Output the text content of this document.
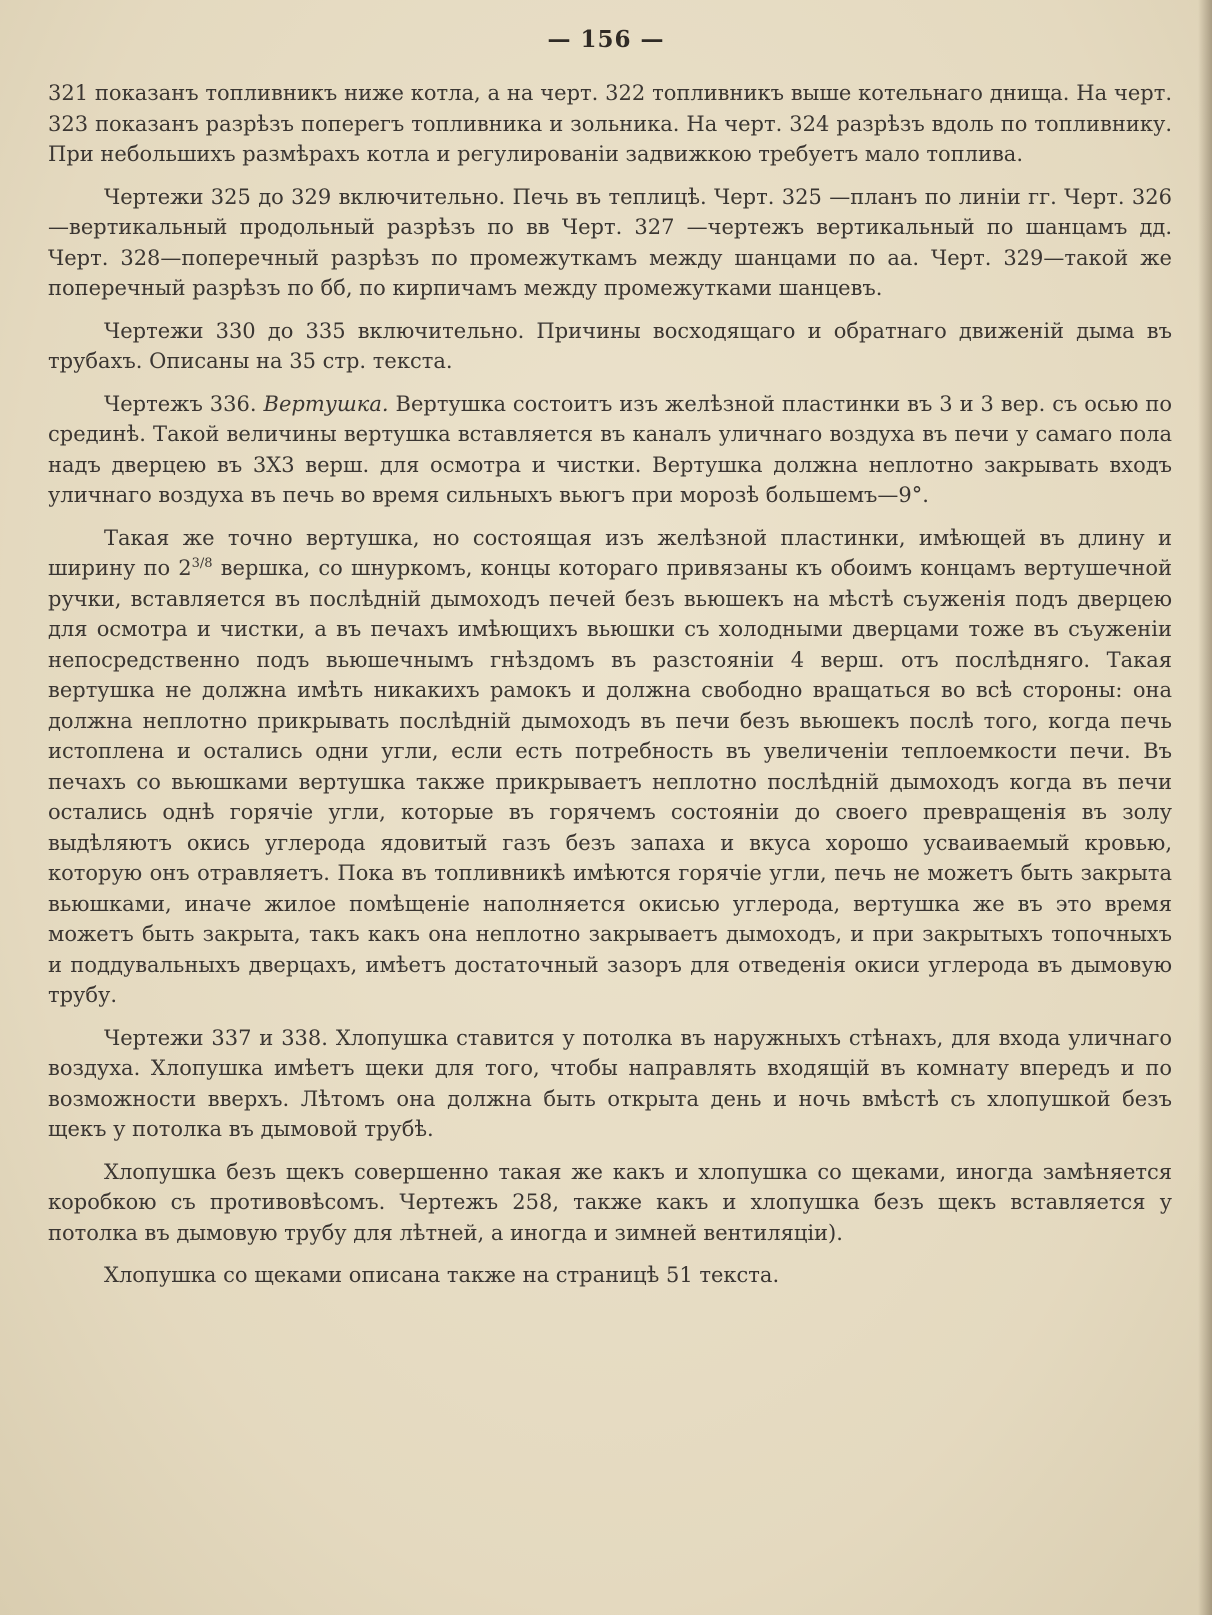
— 156 —

321 показанъ топливникъ ниже котла, а на черт. 322 топливникъ выше котельнаго днища. На черт. 323 показанъ разрѣзъ поперегъ топливника и зольника. На черт. 324 разрѣзъ вдоль по топливнику. При небольшихъ размѣрахъ котла и регулированіи задвижкою требуетъ мало топлива.

Чертежи 325 до 329 включительно. Печь въ теплицѣ. Черт. 325 —планъ по линіи гг. Черт. 326—вертикальный продольный разрѣзъ по вв Черт. 327 —чертежъ вертикальный по шанцамъ дд. Черт. 328—поперечный разрѣзъ по промежуткамъ между шанцами по аа. Черт. 329—такой же поперечный разрѣзъ по бб, по кирпичамъ между промежутками шанцевъ.

Чертежи 330 до 335 включительно. Причины восходящаго и обратнаго движеній дыма въ трубахъ. Описаны на 35 стр. текста.

Чертежъ 336. Вертушка. Вертушка состоитъ изъ желѣзной пластинки въ 3 и 3 вер. съ осью по срединѣ. Такой величины вертушка вставляется въ каналъ уличнаго воздуха въ печи у самаго пола надъ дверцею въ 3Х3 верш. для осмотра и чистки. Вертушка должна неплотно закрывать входъ уличнаго воздуха въ печь во время сильныхъ вьюгъ при морозѣ большемъ—9°.

Такая же точно вертушка, но состоящая изъ желѣзной пластинки, имѣющей въ длину и ширину по $2^{3/8}$ вершка, со шнуркомъ, концы котораго привязаны къ обоимъ концамъ вертушечной ручки, вставляется въ послѣдній дымоходъ печей безъ вьюшекъ на мѣстѣ съуженія подъ дверцею для осмотра и чистки, а въ печахъ имѣющихъ вьюшки съ холодными дверцами тоже въ съуженіи непосредственно подъ вьюшечнымъ гнѣздомъ въ разстояніи 4 верш. отъ послѣдняго. Такая вертушка не должна имѣть никакихъ рамокъ и должна свободно вращаться во всѣ стороны: она должна неплотно прикрывать послѣдній дымоходъ въ печи безъ вьюшекъ послѣ того, когда печь истоплена и остались одни угли, если есть потребность въ увеличеніи теплоемкости печи. Въ печахъ со вьюшками вертушка также прикрываетъ неплотно послѣдній дымоходъ когда въ печи остались однѣ горячіе угли, которые въ горячемъ состояніи до своего превращенія въ золу выдѣляютъ окись углерода ядовитый газъ безъ запаха и вкуса хорошо усваиваемый кровью, которую онъ отравляетъ. Пока въ топливникѣ имѣются горячіе угли, печь не можетъ быть закрыта вьюшками, иначе жилое помѣщеніе наполняется окисью углерода, вертушка же въ это время можетъ быть закрыта, такъ какъ она неплотно закрываетъ дымоходъ, и при закрытыхъ топочныхъ и поддувальныхъ дверцахъ, имѣетъ достаточный зазоръ для отведенія окиси углерода въ дымовую трубу.

Чертежи 337 и 338. Хлопушка ставится у потолка въ наружныхъ стѣнахъ, для входа уличнаго воздуха. Хлопушка имѣетъ щеки для того, чтобы направлять входящій въ комнату впередъ и по возможности вверхъ. Лѣтомъ она должна быть открыта день и ночь вмѣстѣ съ хлопушкой безъ щекъ у потолка въ дымовой трубѣ.

Хлопушка безъ щекъ совершенно такая же какъ и хлопушка со щеками, иногда замѣняется коробкою съ противовѣсомъ. Чертежъ 258, также какъ и хлопушка безъ щекъ вставляется у потолка въ дымовую трубу для лѣтней, а иногда и зимней вентиляціи).

Хлопушка со щеками описана также на страницѣ 51 текста.
